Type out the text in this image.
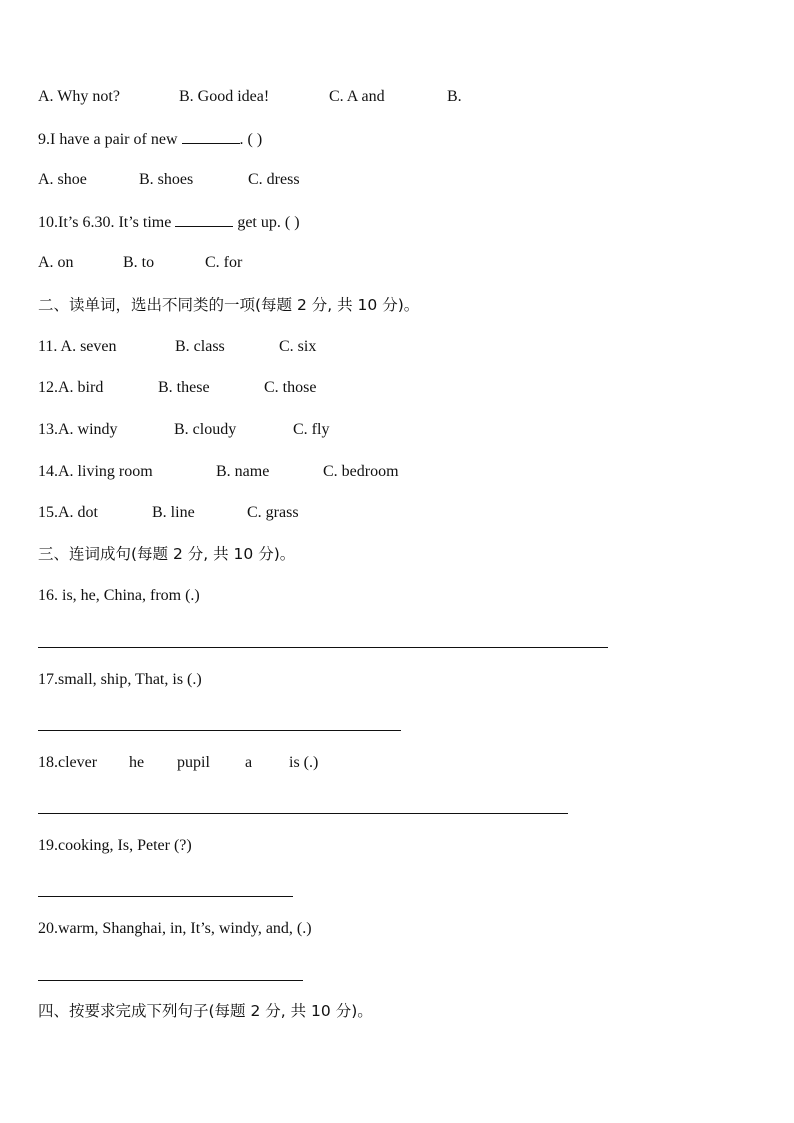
A. Why not?	B. Good idea!	C. A and	B.
9.I have a pair of new	. ( )
A. shoe	B. shoes	C. dress
10.It’s 6.30. It’s time	get up. ( )
A. on	B. to	C. for
二、读单词，选出不同类的一项(每题 2 分, 共 10 分)。
11. A. seven	B. class	C. six
12.A. bird	B. these	C. those
13.A. windy	B. cloudy	C. fly
14.A. living room	B. name	C. bedroom
15.A. dot	B. line	C. grass
三、连词成句(每题 2 分, 共 10 分)。
16. is, he, China, from (.)
17.small, ship, That, is (.)
18.clever he pupil a is (.)
19.cooking, Is, Peter (?)
20.warm, Shanghai, in, It’s, windy, and, (.)
四、按要求完成下列句子(每题 2 分, 共 10 分)。
